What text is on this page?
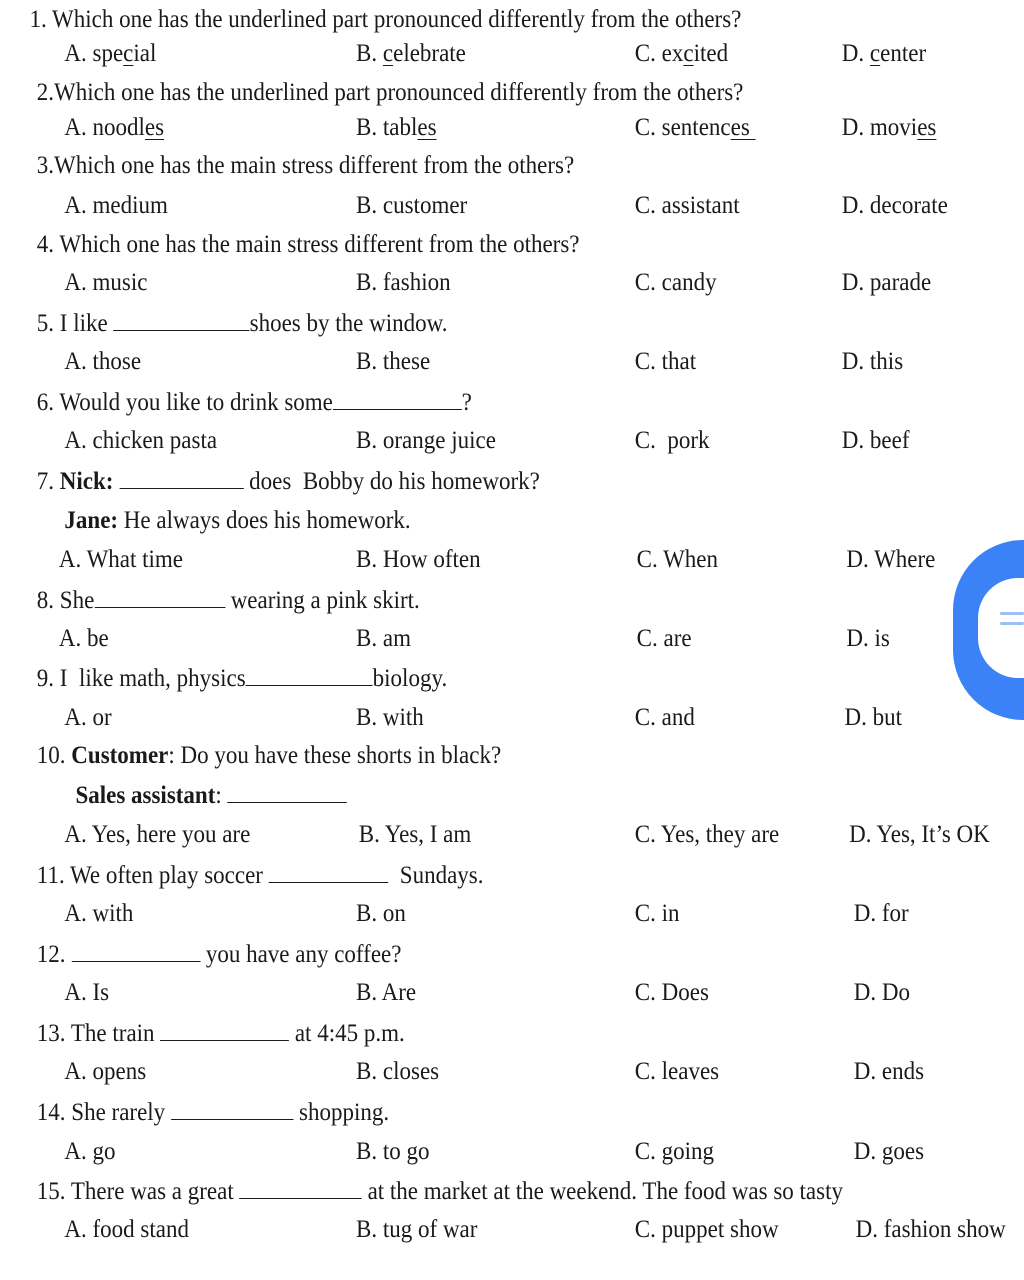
1. Which one has the underlined part pronounced differently from the others?
A. special	B. celebrate	C. excited	D. center
2.Which one has the underlined part pronounced differently from the others?
A. noodles	B. tables	C. sentences	D. movies
3.Which one has the main stress different from the others?
A. medium	B. customer	C. assistant	D. decorate
4. Which one has the main stress different from the others?
A. music	B. fashion	C. candy	D. parade
5. I like	shoes by the window.
A. those	B. these	C. that	D. this
6. Would you like to drink some	?
A. chicken pasta	B. orange juice	C.  pork	D. beef
7. Nick:	does  Bobby do his homework?
Jane: He always does his homework.
A. What time	B. How often	C. When	D. Where
8. She	wearing a pink skirt.
A. be	B. am	C. are	D. is
9. I  like math, physics	biology.
A. or	B. with	C. and	D. but
10. Customer: Do you have these shorts in black?
Sales assistant:
A. Yes, here you are	B. Yes, I am	C. Yes, they are	D. Yes, It’s OK
11. We often play soccer	Sundays.
A. with	B. on	C. in	D. for
12.	you have any coffee?
A. Is	B. Are	C. Does	D. Do
13. The train	at 4:45 p.m.
A. opens	B. closes	C. leaves	D. ends
14. She rarely	shopping.
A. go	B. to go	C. going	D. goes
15. There was a great	at the market at the weekend. The food was so tasty
A. food stand	B. tug of war	C. puppet show	D. fashion show
